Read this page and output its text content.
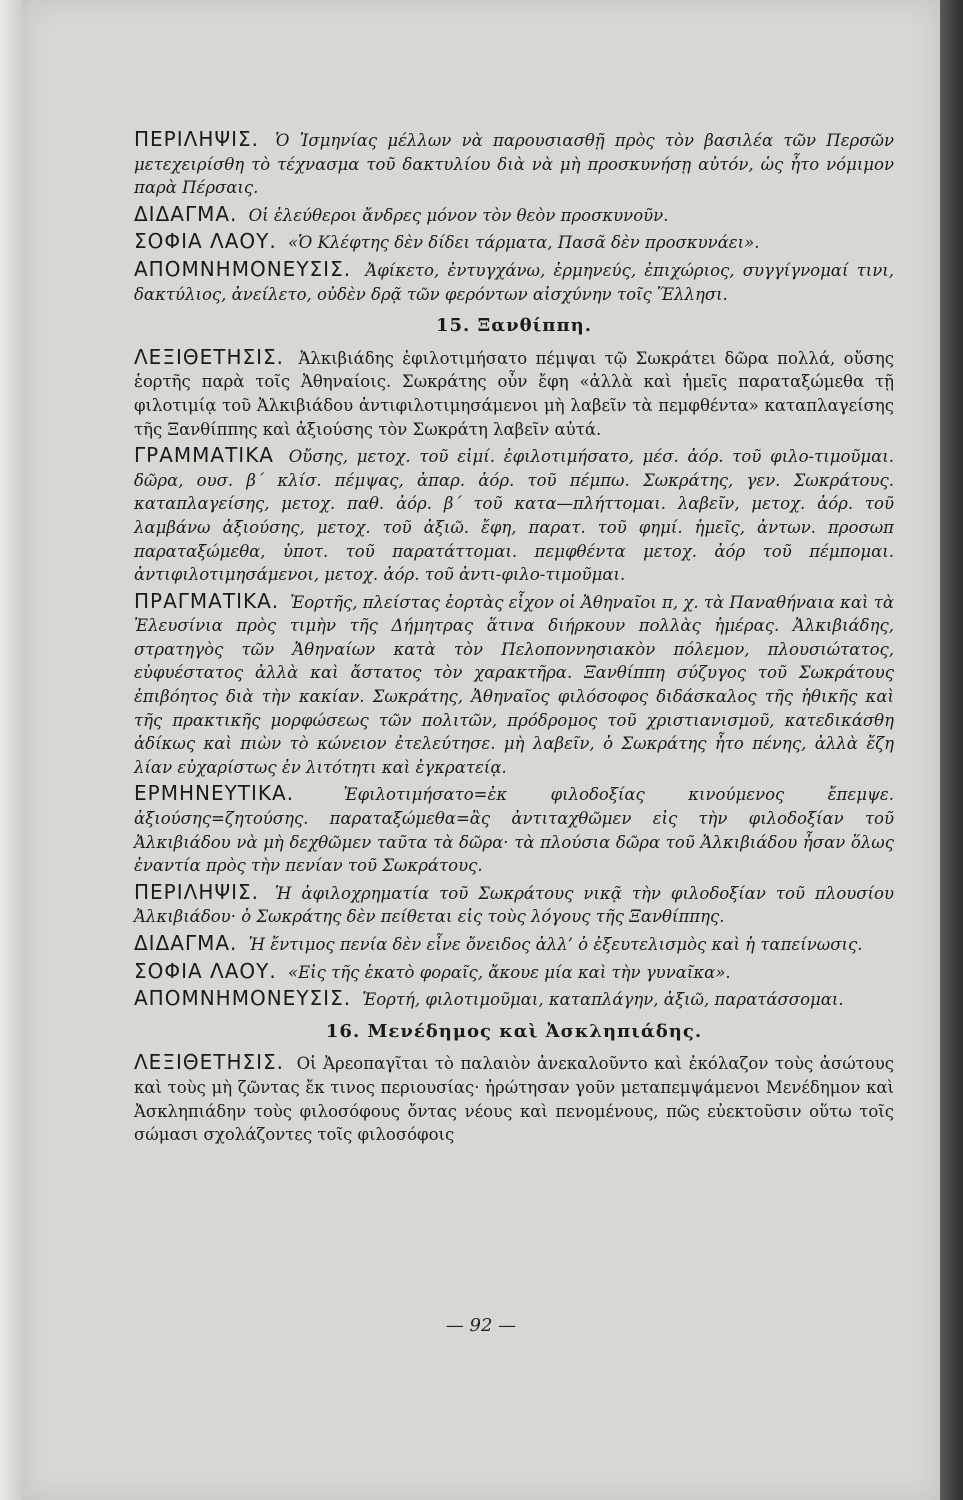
ΠΕΡΙΛΗΨΙΣ. Ὁ Ἰσμηνίας μέλλων νὰ παρουσιασθῇ πρὸς τὸν βασιλέα τῶν Περσῶν μετεχειρίσθη τὸ τέχνασμα τοῦ δακτυλίου διὰ νὰ μὴ προσκυνήσῃ αὐτόν, ὡς ἦτο νόμιμον παρὰ Πέρσαις.

ΔΙΔΑΓΜΑ. Οἱ ἐλεύθεροι ἄνδρες μόνον τὸν θεὸν προσκυνοῦν.

ΣΟΦΙΑ ΛΑΟΥ. «Ὁ Κλέφτης δὲν δίδει τάρματα, Πασᾶ δὲν προσκυνάει».

ΑΠΟΜΝΗΜΟΝΕΥΣΙΣ. Ἀφίκετο, ἐντυγχάνω, ἑρμηνεύς, ἐπιχώριος, συγγίγνομαί τινι, δακτύλιος, ἀνείλετο, οὐδὲν δρᾷ τῶν φερόντων αἰσχύνην τοῖς Ἕλλησι.

15. Ξανθίππη.

ΛΕΞΙΘΕΤΗΣΙΣ. Ἀλκιβιάδης ἐφιλοτιμήσατο πέμψαι τῷ Σωκράτει δῶρα πολλά, οὔσης ἑορτῆς παρὰ τοῖς Ἀθηναίοις. Σωκράτης οὖν ἔφη «ἀλλὰ καὶ ἡμεῖς παραταξώμεθα τῇ φιλοτιμίᾳ τοῦ Ἀλκιβιάδου ἀντιφιλοτιμησάμενοι μὴ λαβεῖν τὰ πεμφθέντα» καταπλαγείσης τῆς Ξανθίππης καὶ ἀξιούσης τὸν Σωκράτη λαβεῖν αὐτά.

ΓΡΑΜΜΑΤΙΚΑ Οὔσης, μετοχ. τοῦ εἰμί. ἐφιλοτιμήσατο, μέσ. ἀόρ. τοῦ φιλο-τιμοῦμαι. δῶρα, ουσ. β΄ κλίσ. πέμψας, ἀπαρ. ἀόρ. τοῦ πέμπω. Σωκράτης, γεν. Σωκράτους. καταπλαγείσης, μετοχ. παθ. ἀόρ. β΄ τοῦ κατα—πλήττομαι. λαβεῖν, μετοχ. ἀόρ. τοῦ λαμβάνω ἀξιούσης, μετοχ. τοῦ ἀξιῶ. ἔφη, παρατ. τοῦ φημί. ἡμεῖς, ἀντων. προσωπ παραταξώμεθα, ὑποτ. τοῦ παρατάττομαι. πεμφθέντα μετοχ. ἀόρ τοῦ πέμπομαι. ἀντιφιλοτιμησάμενοι, μετοχ. ἀόρ. τοῦ ἀντι-φιλο-τιμοῦμαι.

ΠΡΑΓΜΑΤΙΚΑ. Ἑορτῆς, πλείστας ἑορτὰς εἶχον οἱ Ἀθηναῖοι π, χ. τὰ Παναθήναια καὶ τὰ Ἐλευσίνια πρὸς τιμὴν τῆς Δήμητρας ἅτινα διήρκουν πολλὰς ἡμέρας. Ἀλκιβιάδης, στρατηγὸς τῶν Ἀθηναίων κατὰ τὸν Πελοποννησιακὸν πόλεμον, πλουσιώτατος, εὐφυέστατος ἀλλὰ καὶ ἄστατος τὸν χαρακτῆρα. Ξανθίππη σύζυγος τοῦ Σωκράτους ἐπιβόητος διὰ τὴν κακίαν. Σωκράτης, Ἀθηναῖος φιλόσοφος διδάσκαλος τῆς ἠθικῆς καὶ τῆς πρακτικῆς μορφώσεως τῶν πολιτῶν, πρόδρομος τοῦ χριστιανισμοῦ, κατεδικάσθη ἀδίκως καὶ πιὼν τὸ κώνειον ἐτελεύτησε. μὴ λαβεῖν, ὁ Σωκράτης ἦτο πένης, ἀλλὰ ἔζη λίαν εὐχαρίστως ἐν λιτότητι καὶ ἐγκρατείᾳ.

ΕΡΜΗΝΕΥΤΙΚΑ.	Ἐφιλοτιμήσατο=ἐκ φιλοδοξίας κινούμενος ἔπεμψε. ἀξιούσης=ζητούσης. παραταξώμεθα=ἂς ἀντιταχθῶμεν εἰς τὴν φιλοδοξίαν τοῦ Ἀλκιβιάδου νὰ μὴ δεχθῶμεν ταῦτα τὰ δῶρα· τὰ πλούσια δῶρα τοῦ Ἀλκιβιάδου ἦσαν ὅλως ἐναντία πρὸς τὴν πενίαν τοῦ Σωκράτους.

ΠΕΡΙΛΗΨΙΣ. Ἡ ἀφιλοχρηματία τοῦ Σωκράτους νικᾷ τὴν φιλοδοξίαν τοῦ πλουσίου Ἀλκιβιάδου· ὁ Σωκράτης δὲν πείθεται εἰς τοὺς λόγους τῆς Ξανθίππης.

ΔΙΔΑΓΜΑ. Ἡ ἔντιμος πενία δὲν εἶνε ὄνειδος ἀλλ’ ὁ ἐξευτελισμὸς καὶ ἡ ταπείνωσις.

ΣΟΦΙΑ ΛΑΟΥ. «Εἰς τῆς ἑκατὸ φοραῖς, ἄκουε μία καὶ τὴν γυναῖκα».

ΑΠΟΜΝΗΜΟΝΕΥΣΙΣ. Ἑορτή, φιλοτιμοῦμαι, καταπλάγην, ἀξιῶ, παρατάσσομαι.

16. Μενέδημος καὶ Ἀσκληπιάδης.

ΛΕΞΙΘΕΤΗΣΙΣ. Οἱ Ἀρεοπαγῖται τὸ παλαιὸν ἀνεκαλοῦντο καὶ ἐκόλαζον τοὺς ἀσώτους καὶ τοὺς μὴ ζῶντας ἔκ τινος περιουσίας· ἠρώτησαν γοῦν μεταπεμψάμενοι Μενέδημον καὶ Ἀσκληπιάδην τοὺς φιλοσόφους ὄντας νέους καὶ πενομένους, πῶς εὐεκτοῦσιν οὕτω τοῖς σώμασι σχολάζοντες τοῖς φιλοσόφοις

— 92 —
